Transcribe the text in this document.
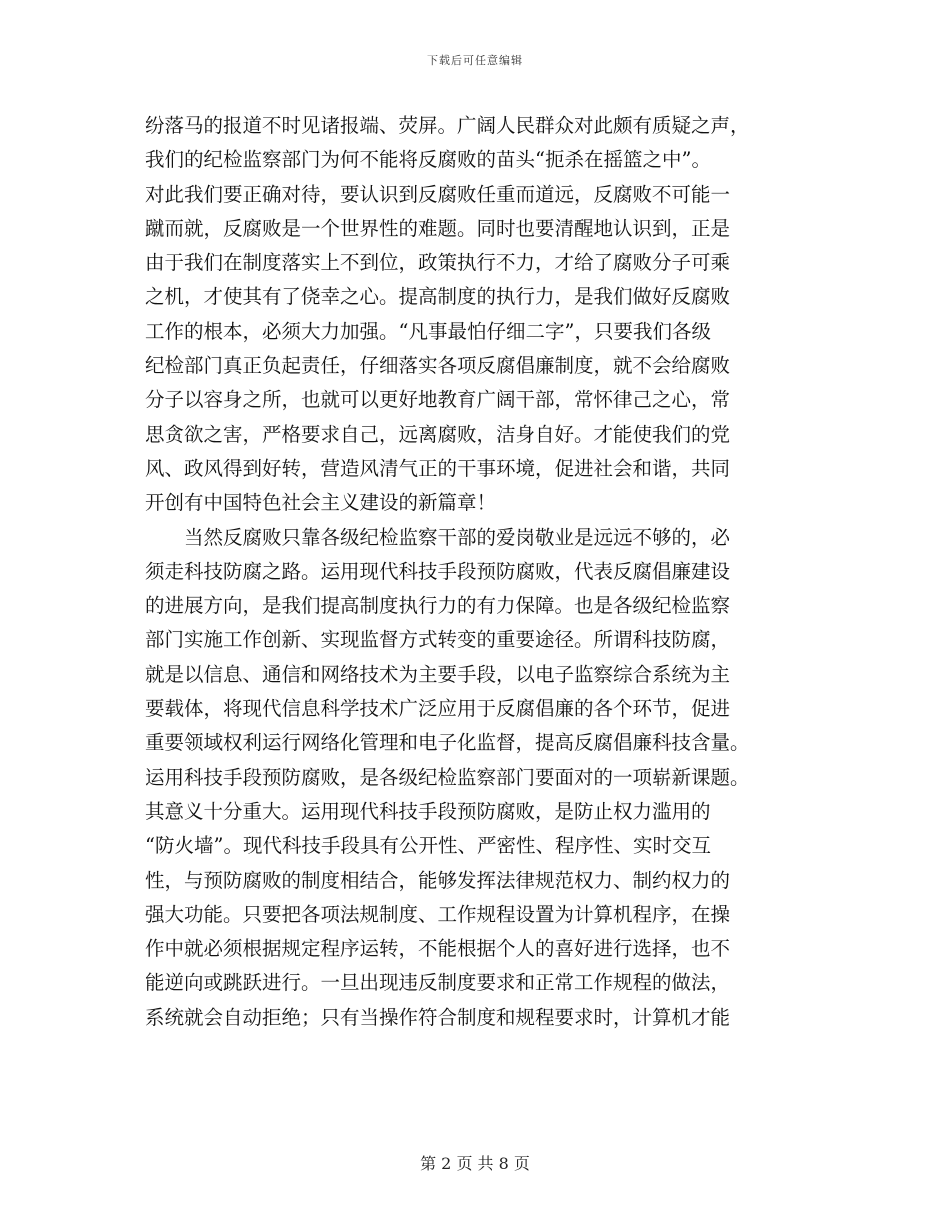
下载后可任意编辑
纷落马的报道不时见诸报端、荧屏。广阔人民群众对此颇有质疑之声，
我们的纪检监察部门为何不能将反腐败的苗头“扼杀在摇篮之中”。
对此我们要正确对待，要认识到反腐败任重而道远，反腐败不可能一
蹴而就，反腐败是一个世界性的难题。同时也要清醒地认识到，正是
由于我们在制度落实上不到位，政策执行不力，才给了腐败分子可乘
之机，才使其有了侥幸之心。提高制度的执行力，是我们做好反腐败
工作的根本，必须大力加强。“凡事最怕仔细二字”，只要我们各级
纪检部门真正负起责任，仔细落实各项反腐倡廉制度，就不会给腐败
分子以容身之所，也就可以更好地教育广阔干部，常怀律己之心，常
思贪欲之害，严格要求自己，远离腐败，洁身自好。才能使我们的党
风、政风得到好转，营造风清气正的干事环境，促进社会和谐，共同
开创有中国特色社会主义建设的新篇章！
　　当然反腐败只靠各级纪检监察干部的爱岗敬业是远远不够的，必
须走科技防腐之路。运用现代科技手段预防腐败，代表反腐倡廉建设
的进展方向，是我们提高制度执行力的有力保障。也是各级纪检监察
部门实施工作创新、实现监督方式转变的重要途径。所谓科技防腐，
就是以信息、通信和网络技术为主要手段，以电子监察综合系统为主
要载体，将现代信息科学技术广泛应用于反腐倡廉的各个环节，促进
重要领域权利运行网络化管理和电子化监督，提高反腐倡廉科技含量。
运用科技手段预防腐败，是各级纪检监察部门要面对的一项崭新课题。
其意义十分重大。运用现代科技手段预防腐败，是防止权力滥用的
“防火墙”。现代科技手段具有公开性、严密性、程序性、实时交互
性，与预防腐败的制度相结合，能够发挥法律规范权力、制约权力的
强大功能。只要把各项法规制度、工作规程设置为计算机程序，在操
作中就必须根据规定程序运转，不能根据个人的喜好进行选择，也不
能逆向或跳跃进行。一旦出现违反制度要求和正常工作规程的做法，
系统就会自动拒绝；只有当操作符合制度和规程要求时，计算机才能
第 2 页 共 8 页
